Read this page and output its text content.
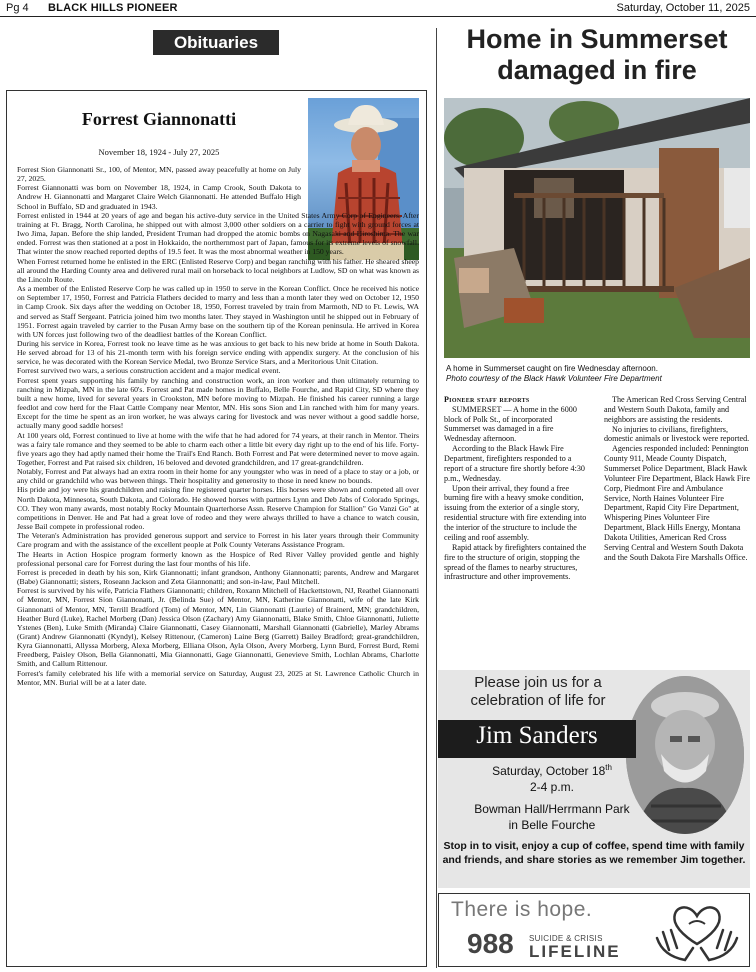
Pg 4 BLACK HILLS PIONEER	Saturday, October 11, 2025
Obituaries
Forrest Giannonatti
November 18, 1924 - July 27, 2025

Forrest Sion Giannonatti Sr., 100, of Mentor, MN, passed away peacefully at home on July 27, 2025.

Forrest Giannonatti was born on November 18, 1924, in Camp Crook, South Dakota to Andrew H. Giannonatti and Margaret Claire Welch Giannonatti. He attended Buffalo High School in Buffalo, SD and graduated in 1943.

Forrest enlisted in 1944 at 20 years of age and began his active-duty service in the United States Army Corp of Engineers. After training at Ft. Bragg, North Carolina, he shipped out with almost 3,000 other soldiers on a carrier to fight with ground forces at Iwo Jima, Japan. Before the ship landed, President Truman had dropped the atomic bombs on Nagasaki and Hiroshima. The war ended. Forrest was then stationed at a post in Hokkaido, the northernmost part of Japan, famous for its extreme levels of snowfall. That winter the snow reached reported depths of 19.5 feet. It was the most abnormal weather in 150 years.

When Forrest returned home he enlisted in the ERC (Enlisted Reserve Corp) and began ranching with his father. He sheared sheep all around the Harding County area and delivered rural mail on horseback to local neighbors at Ludlow, SD on what was known as the Lincoln Route.

As a member of the Enlisted Reserve Corp he was called up in 1950 to serve in the Korean Conflict. Once he received his notice on September 17, 1950, Forrest and Patricia Flathers decided to marry and less than a month later they wed on October 12, 1950 in Camp Crook. Six days after the wedding on October 18, 1950, Forrest traveled by train from Marmoth, ND to Ft. Lewis, WA and served as Staff Sergeant. Patricia joined him two months later. They stayed in Washington until he shipped out in February of 1951. Forrest again traveled by carrier to the Pusan Army base on the southern tip of the Korean peninsula. He arrived in Korea with UN forces just following two of the deadliest battles of the Korean Conflict.

During his service in Korea, Forrest took no leave time as he was anxious to get back to his new bride at home in South Dakota. He served abroad for 13 of his 21-month term with his foreign service ending with appendix surgery. At the conclusion of his service, he was decorated with the Korean Service Medal, two Bronze Service Stars, and a Meritorious Unit Citation.

Forrest survived two wars, a serious construction accident and a major medical event.

Forrest spent years supporting his family by ranching and construction work, an iron worker and then ultimately returning to ranching in Mizpah, MN in the late 60's. Forrest and Pat made homes in Buffalo, Belle Fourche, and Rapid City, SD where they built a new home, lived for several years in Crookston, MN before moving to Mizpah. He finished his career running a large feedlot and cow herd for the Flaat Cattle Company near Mentor, MN. His sons Sion and Lin ranched with him for many years. Except for the time he spent as an iron worker, he was always caring for livestock and was never without a good saddle horse, actually many good saddle horses!

At 100 years old, Forrest continued to live at home with the wife that he had adored for 74 years, at their ranch in Mentor. Theirs was a fairy tale romance and they seemed to be able to charm each other a little bit every day right up to the end of his life. Forty-five years ago they had aptly named their home the Trail's End Ranch. Both Forrest and Pat were determined never to move again. Together, Forrest and Pat raised six children, 16 beloved and devoted grandchildren, and 17 great-grandchildren.

Notably, Forrest and Pat always had an extra room in their home for any youngster who was in need of a place to stay or a job, or any child or grandchild who was between things. Their hospitality and generosity to those in need knew no bounds.

His pride and joy were his grandchildren and raising fine registered quarter horses. His horses were shown and competed all over North Dakota, Minnesota, South Dakota, and Colorado. He showed horses with partners Lynn and Deb Jabs of Colorado Springs, CO. They won many awards, most notably Rocky Mountain Quarterhorse Assn. Reserve Champion for Stallion" Go Vanzi Go" at competitions in Denver. He and Pat had a great love of rodeo and they were always thrilled to have a chance to watch cousin, Jesse Bail compete in professional rodeo.

The Veteran's Administration has provided generous support and service to Forrest in his later years through their Community Care program and with the assistance of the excellent people at Polk County Veterans Assistance Program.

The Hearts in Action Hospice program formerly known as the Hospice of Red River Valley provided gentle and highly professional personal care for Forrest during the last four months of his life.

Forrest is preceded in death by his son, Kirk Giannonatti; infant grandson, Anthony Giannonatti; parents, Andrew and Margaret (Babe) Giannonatti; sisters, Roseann Jackson and Zeta Giannonatti; and son-in-law, Paul Mitchell.

Forrest is survived by his wife, Patricia Flathers Giannonatti; children, Roxann Mitchell of Hackettstown, NJ, Reathel Giannonatti of Mentor, MN, Forrest Sion Giannonatti, Jr. (Belinda Sue) of Mentor, MN, Katherine Giannonatti, wife of the late Kirk Giannonatti of Mentor, MN, Terrill Bradford (Tom) of Mentor, MN, Lin Giannonatti (Laurie) of Brainerd, MN; grandchildren, Heather Burd (Luke), Rachel Morberg (Dan) Jessica Olson (Zachary) Amy Giannonatti, Blake Smith, Chloe Giannonatti, Juliette Ystenes (Ben), Luke Smith (Miranda) Claire Giannonatti, Casey Giannonatti, Marshall Giannonatti (Gabrielle), Marley Abrams (Grant) Andrew Giannonatti (Kyndyl), Kelsey Rittenour, (Cameron) Laine Berg (Garrett) Bailey Bradford; great-grandchildren, Kyra Giannonatti, Allyssa Morberg, Alexa Morberg, Elliana Olson, Ayla Olson, Avery Morberg, Lynn Burd, Forrest Burd, Remi Freedberg, Paisley Olson, Bella Giannonatti, Mia Giannonatti, Gage Giannonatti, Genevieve Smith, Lochlan Abrams, Charlotte Smith, and Callum Rittenour.

Forrest's family celebrated his life with a memorial service on Saturday, August 23, 2025 at St. Lawrence Catholic Church in Mentor, MN. Burial will be at a later date.

Home in Summerset damaged in fire
A home in Summerset caught on fire Wednesday afternoon.
Photo courtesy of the Black Hawk Volunteer Fire Department

Pioneer staff reports

SUMMERSET — A home in the 6000 block of Polk St., of incorporated Summerset was damaged in a fire Wednesday afternoon.

According to the Black Hawk Fire Department, firefighters responded to a report of a structure fire shortly before 4:30 p.m., Wednesday.

Upon their arrival, they found a free burning fire with a heavy smoke condition, issuing from the exterior of a single story, residential structure with fire extending into the interior of the structure to include the ceiling and roof assembly.

Rapid attack by firefighters contained the fire to the structure of origin, stopping the spread of the flames to nearby structures, infrastructure and other improvements.

The American Red Cross Serving Central and Western South Dakota, family and neighbors are assisting the residents.

No injuries to civilians, firefighters, domestic animals or livestock were reported.

Agencies responded included: Pennington County 911, Meade County Dispatch, Summerset Police Department, Black Hawk Volunteer Fire Department, Black Hawk Fire Corp, Piedmont Fire and Ambulance Service, North Haines Volunteer Fire Department, Rapid City Fire Department, Whispering Pines Volunteer Fire Department, Black Hills Energy, Montana Dakota Utilities, American Red Cross Serving Central and Western South Dakota and the South Dakota Fire Marshalls Office.

Please join us for a
celebration of life for
Jim Sanders
Saturday, October 18th
2-4 p.m.
Bowman Hall/Herrmann Park
in Belle Fourche
Stop in to visit, enjoy a cup of coffee, spend time with family and friends, and share stories as we remember Jim together.
There is hope.
988 SUICIDE & CRISIS
LIFELINE
